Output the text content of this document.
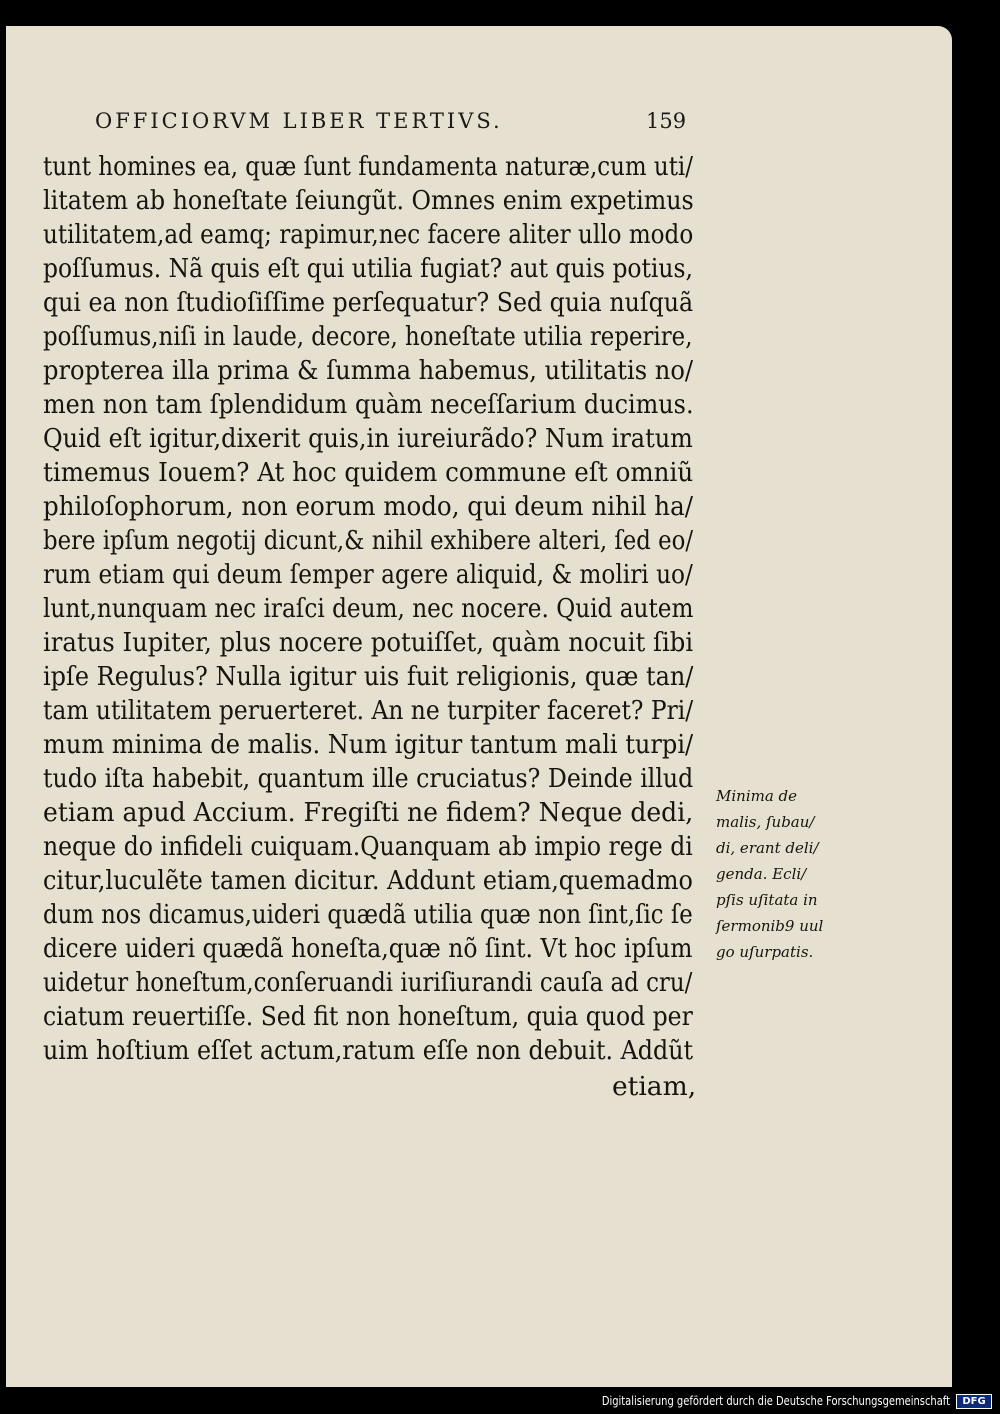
OFFICIORVM LIBER TERTIVS.	159
tunt homines ea, quæ ſunt fundamenta naturæ,cum uti/
litatem ab honeſtate ſeiungũt. Omnes enim expetimus
utilitatem,ad eamq; rapimur,nec facere aliter ullo modo
poſſumus. Nã quis eſt qui utilia fugiat? aut quis potius,
qui ea non ſtudioſiſſime perſequatur? Sed quia nuſquã
poſſumus,niſi in laude, decore, honeſtate utilia reperire,
propterea illa prima & ſumma habemus, utilitatis no/
men non tam ſplendidum quàm neceſſarium ducimus.
Quid eſt igitur,dixerit quis,in iureiurãdo? Num iratum
timemus Iouem? At hoc quidem commune eſt omniũ
philoſophorum, non eorum modo, qui deum nihil ha/
bere ipſum negotij dicunt,& nihil exhibere alteri, ſed eo/
rum etiam qui deum ſemper agere aliquid, & moliri uo/
lunt,nunquam nec iraſci deum, nec nocere. Quid autem
iratus Iupiter, plus nocere potuiſſet, quàm nocuit ſibi
ipſe Regulus? Nulla igitur uis fuit religionis, quæ tan/
tam utilitatem peruerteret. An ne turpiter faceret? Pri/
mum minima de malis. Num igitur tantum mali turpi/
tudo iſta habebit, quantum ille cruciatus? Deinde illud
etiam apud Accium. Fregiſti ne fidem? Neque dedi,
neque do infideli cuiquam.Quanquam ab impio rege di
citur,luculẽte tamen dicitur. Addunt etiam,quemadmo
dum nos dicamus,uideri quædã utilia quæ non ſint,ſic ſe
dicere uideri quædã honeſta,quæ nõ ſint. Vt hoc ipſum
uidetur honeſtum,conſeruandi iuriſiurandi cauſa ad cru/
ciatum reuertiſſe. Sed fit non honeſtum, quia quod per
uim hoſtium eſſet actum,ratum eſſe non debuit. Addũt
etiam,
Minima de
malis, ſubau/
di, erant deli/
genda. Ecli/
pſis uſitata in
ſermonib9 uul
go uſurpatis.
Digitalisierung gefördert durch die Deutsche Forschungsgemeinschaft	DFG
